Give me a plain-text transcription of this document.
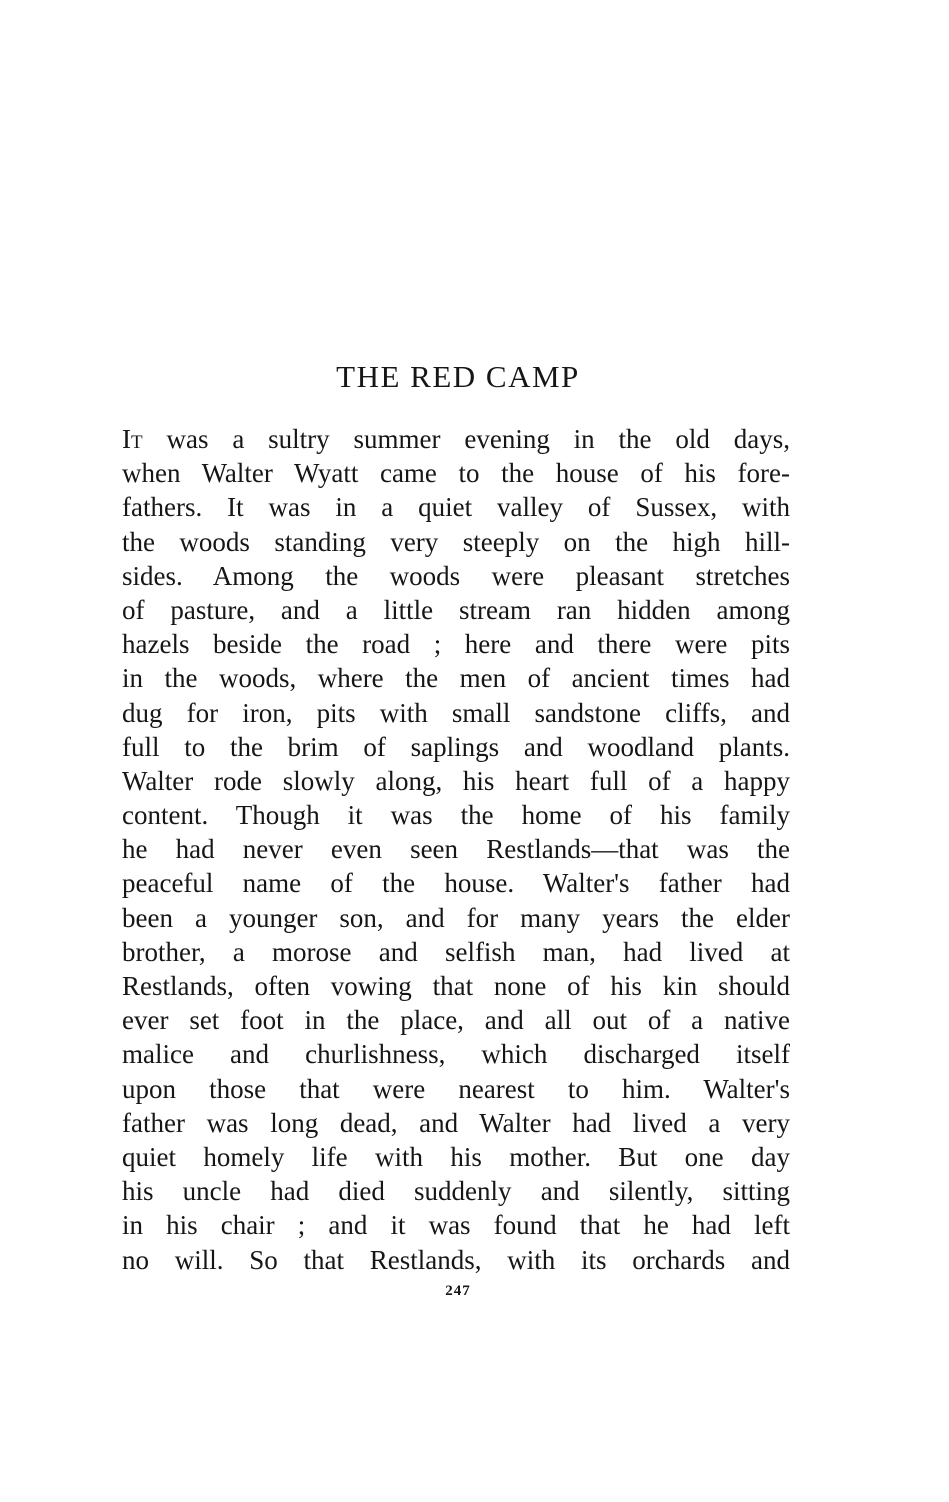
THE RED CAMP
It was a sultry summer evening in the old days,
when Walter Wyatt came to the house of his fore-
fathers. It was in a quiet valley of Sussex, with
the woods standing very steeply on the high hill-
sides. Among the woods were pleasant stretches
of pasture, and a little stream ran hidden among
hazels beside the road ; here and there were pits
in the woods, where the men of ancient times had
dug for iron, pits with small sandstone cliffs, and
full to the brim of saplings and woodland plants.
Walter rode slowly along, his heart full of a happy
content. Though it was the home of his family
he had never even seen Restlands—that was the
peaceful name of the house. Walter's father had
been a younger son, and for many years the elder
brother, a morose and selfish man, had lived at
Restlands, often vowing that none of his kin should
ever set foot in the place, and all out of a native
malice and churlishness, which discharged itself
upon those that were nearest to him. Walter's
father was long dead, and Walter had lived a very
quiet homely life with his mother. But one day
his uncle had died suddenly and silently, sitting
in his chair ; and it was found that he had left
no will. So that Restlands, with its orchards and
247
